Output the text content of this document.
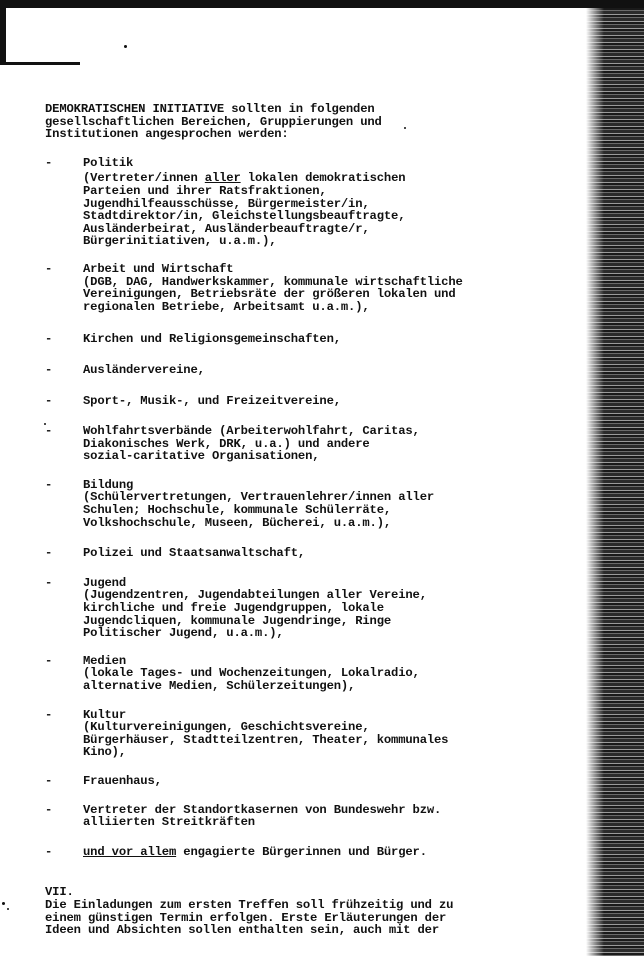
DEMOKRATISCHEN INITIATIVE sollten in folgenden
gesellschaftlichen Bereichen, Gruppierungen und
Institutionen angesprochen werden:
-	Politik
(Vertreter/innen aller lokalen demokratischen
Parteien und ihrer Ratsfraktionen,
Jugendhilfeausschüsse, Bürgermeister/in,
Stadtdirektor/in, Gleichstellungsbeauftragte,
Ausländerbeirat, Ausländerbeauftragte/r,
Bürgerinitiativen, u.a.m.),
-	Arbeit und Wirtschaft
(DGB, DAG, Handwerkskammer, kommunale wirtschaftliche
Vereinigungen, Betriebsräte der größeren lokalen und
regionalen Betriebe, Arbeitsamt u.a.m.),
-	Kirchen und Religionsgemeinschaften,
-	Ausländervereine,
-	Sport-, Musik-, und Freizeitvereine,
-	Wohlfahrtsverbände (Arbeiterwohlfahrt, Caritas,
Diakonisches Werk, DRK, u.a.) und andere
sozial-caritative Organisationen,
-	Bildung
(Schülervertretungen, Vertrauenlehrer/innen aller
Schulen; Hochschule, kommunale Schülerräte,
Volkshochschule, Museen, Bücherei, u.a.m.),
-	Polizei und Staatsanwaltschaft,
-	Jugend
(Jugendzentren, Jugendabteilungen aller Vereine,
kirchliche und freie Jugendgruppen, lokale
Jugendcliquen, kommunale Jugendringe, Ringe
Politischer Jugend, u.a.m.),
-	Medien
(lokale Tages- und Wochenzeitungen, Lokalradio,
alternative Medien, Schülerzeitungen),
-	Kultur
(Kulturvereinigungen, Geschichtsvereine,
Bürgerhäuser, Stadtteilzentren, Theater, kommunales
Kino),
-	Frauenhaus,
-	Vertreter der Standortkasernen von Bundeswehr bzw.
alliierten Streitkräften
-	und vor allem engagierte Bürgerinnen und Bürger.
VII.
Die Einladungen zum ersten Treffen soll frühzeitig und zu
einem günstigen Termin erfolgen. Erste Erläuterungen der
Ideen und Absichten sollen enthalten sein, auch mit der
